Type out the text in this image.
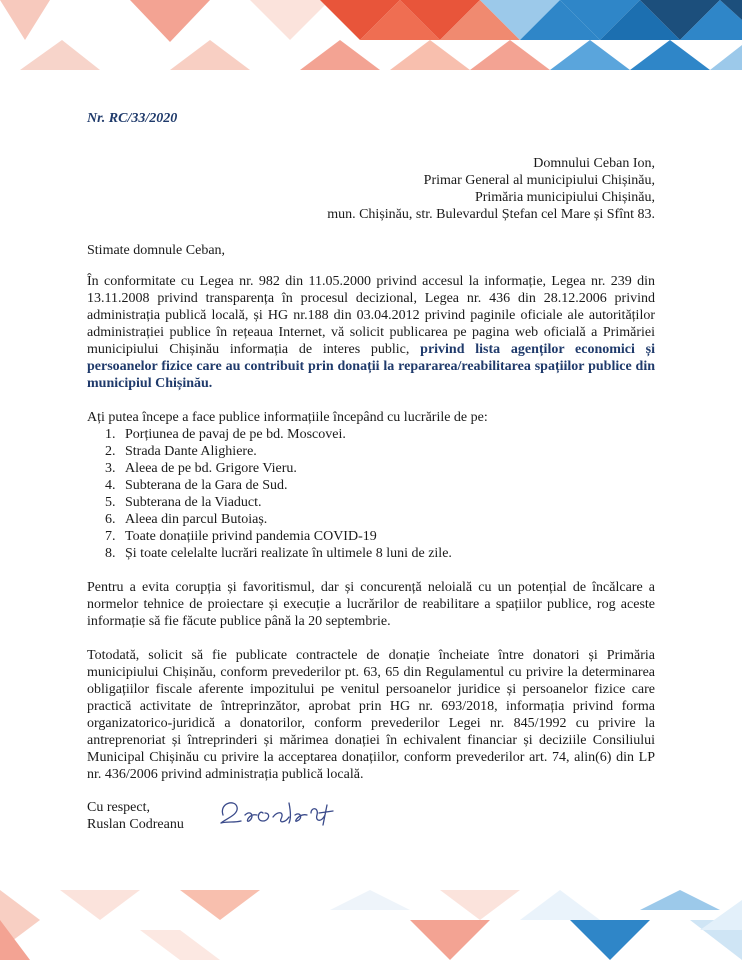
Nr. RC/33/2020
Domnului Ceban Ion,
Primar General al municipiului Chișinău,
Primăria municipiului Chișinău,
mun. Chișinău, str. Bulevardul Ștefan cel Mare și Sfînt 83.
Stimate domnule Ceban,

În conformitate cu Legea nr. 982 din 11.05.2000 privind accesul la informație, Legea nr. 239 din 13.11.2008 privind transparența în procesul decizional, Legea nr. 436 din 28.12.2006 privind administrația publică locală, și HG nr.188 din 03.04.2012 privind paginile oficiale ale autorităților administrației publice în rețeaua Internet, vă solicit publicarea pe pagina web oficială a Primăriei municipiului Chișinău informația de interes public, privind lista agenților economici și persoanelor fizice care au contribuit prin donații la repararea/reabilitarea spațiilor publice din municipiul Chișinău.

Ați putea începe a face publice informațiile începând cu lucrările de pe:
1. Porțiunea de pavaj de pe bd. Moscovei.
2. Strada Dante Alighiere.
3. Aleea de pe bd. Grigore Vieru.
4. Subterana de la Gara de Sud.
5. Subterana de la Viaduct.
6. Aleea din parcul Butoiaș.
7. Toate donațiile privind pandemia COVID-19
8. Și toate celelalte lucrări realizate în ultimele 8 luni de zile.

Pentru a evita corupția și favoritismul, dar și concurență neloială cu un potențial de încălcare a normelor tehnice de proiectare și execuție a lucrărilor de reabilitare a spațiilor publice, rog aceste informație să fie făcute publice până la 20 septembrie.

Totodată, solicit să fie publicate contractele de donație încheiate între donatori și Primăria municipiului Chișinău, conform prevederilor pt. 63, 65 din Regulamentul cu privire la determinarea obligațiilor fiscale aferente impozitului pe venitul persoanelor juridice și persoanelor fizice care practică activitate de întreprinzător, aprobat prin HG nr. 693/2018, informația privind forma organizatorico-juridică a donatorilor, conform prevederilor Legei nr. 845/1992 cu privire la antreprenoriat și întreprinderi și mărimea donației în echivalent financiar și deciziile Consiliului Municipal Chișinău cu privire la acceptarea donațiilor, conform prevederilor art. 74, alin(6) din LP nr. 436/2006 privind administrația publică locală.

Cu respect,
Ruslan Codreanu
